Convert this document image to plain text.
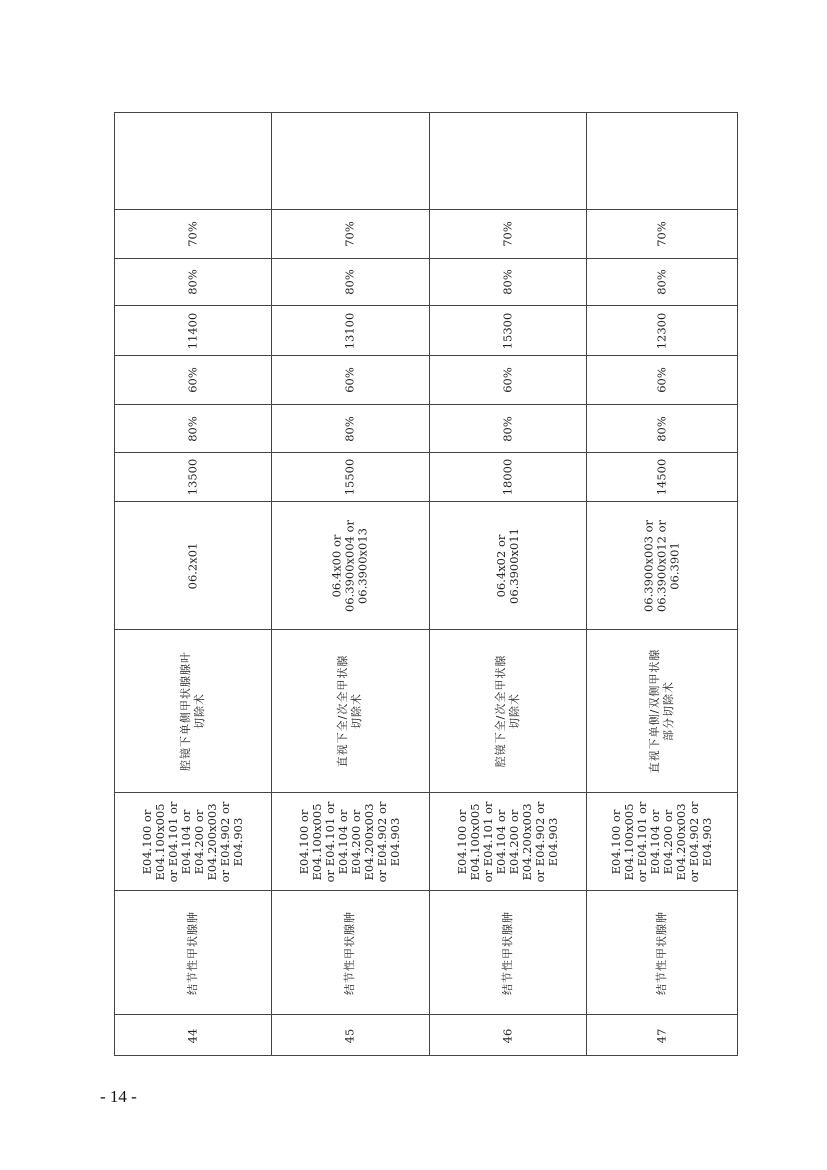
70%
80%
11400
60%
80%
13500
06.2x01
腔镜下单侧甲状腺腺叶 切除术
E04.100 or E04.100x005 or E04.101 or E04.104 or E04.200 or E04.200x003 or E04.902 or E04.903
结节性甲状腺肿
44
70%
80%
13100
60%
80%
15500
06.4x00 or 06.3900x004 or 06.3900x013
直视下全/次全甲状腺 切除术
E04.100 or E04.100x005 or E04.101 or E04.104 or E04.200 or E04.200x003 or E04.902 or E04.903
结节性甲状腺肿
45
70%
80%
15300
60%
80%
18000
06.4x02 or 06.3900x011
腔镜下全/次全甲状腺 切除术
E04.100 or E04.100x005 or E04.101 or E04.104 or E04.200 or E04.200x003 or E04.902 or E04.903
结节性甲状腺肿
46
70%
80%
12300
60%
80%
14500
06.3900x003 or 06.3900x012 or 06.3901
直视下单侧/双侧甲状腺 部分切除术
E04.100 or E04.100x005 or E04.101 or E04.104 or E04.200 or E04.200x003 or E04.902 or E04.903
结节性甲状腺肿
47
- 14 -
